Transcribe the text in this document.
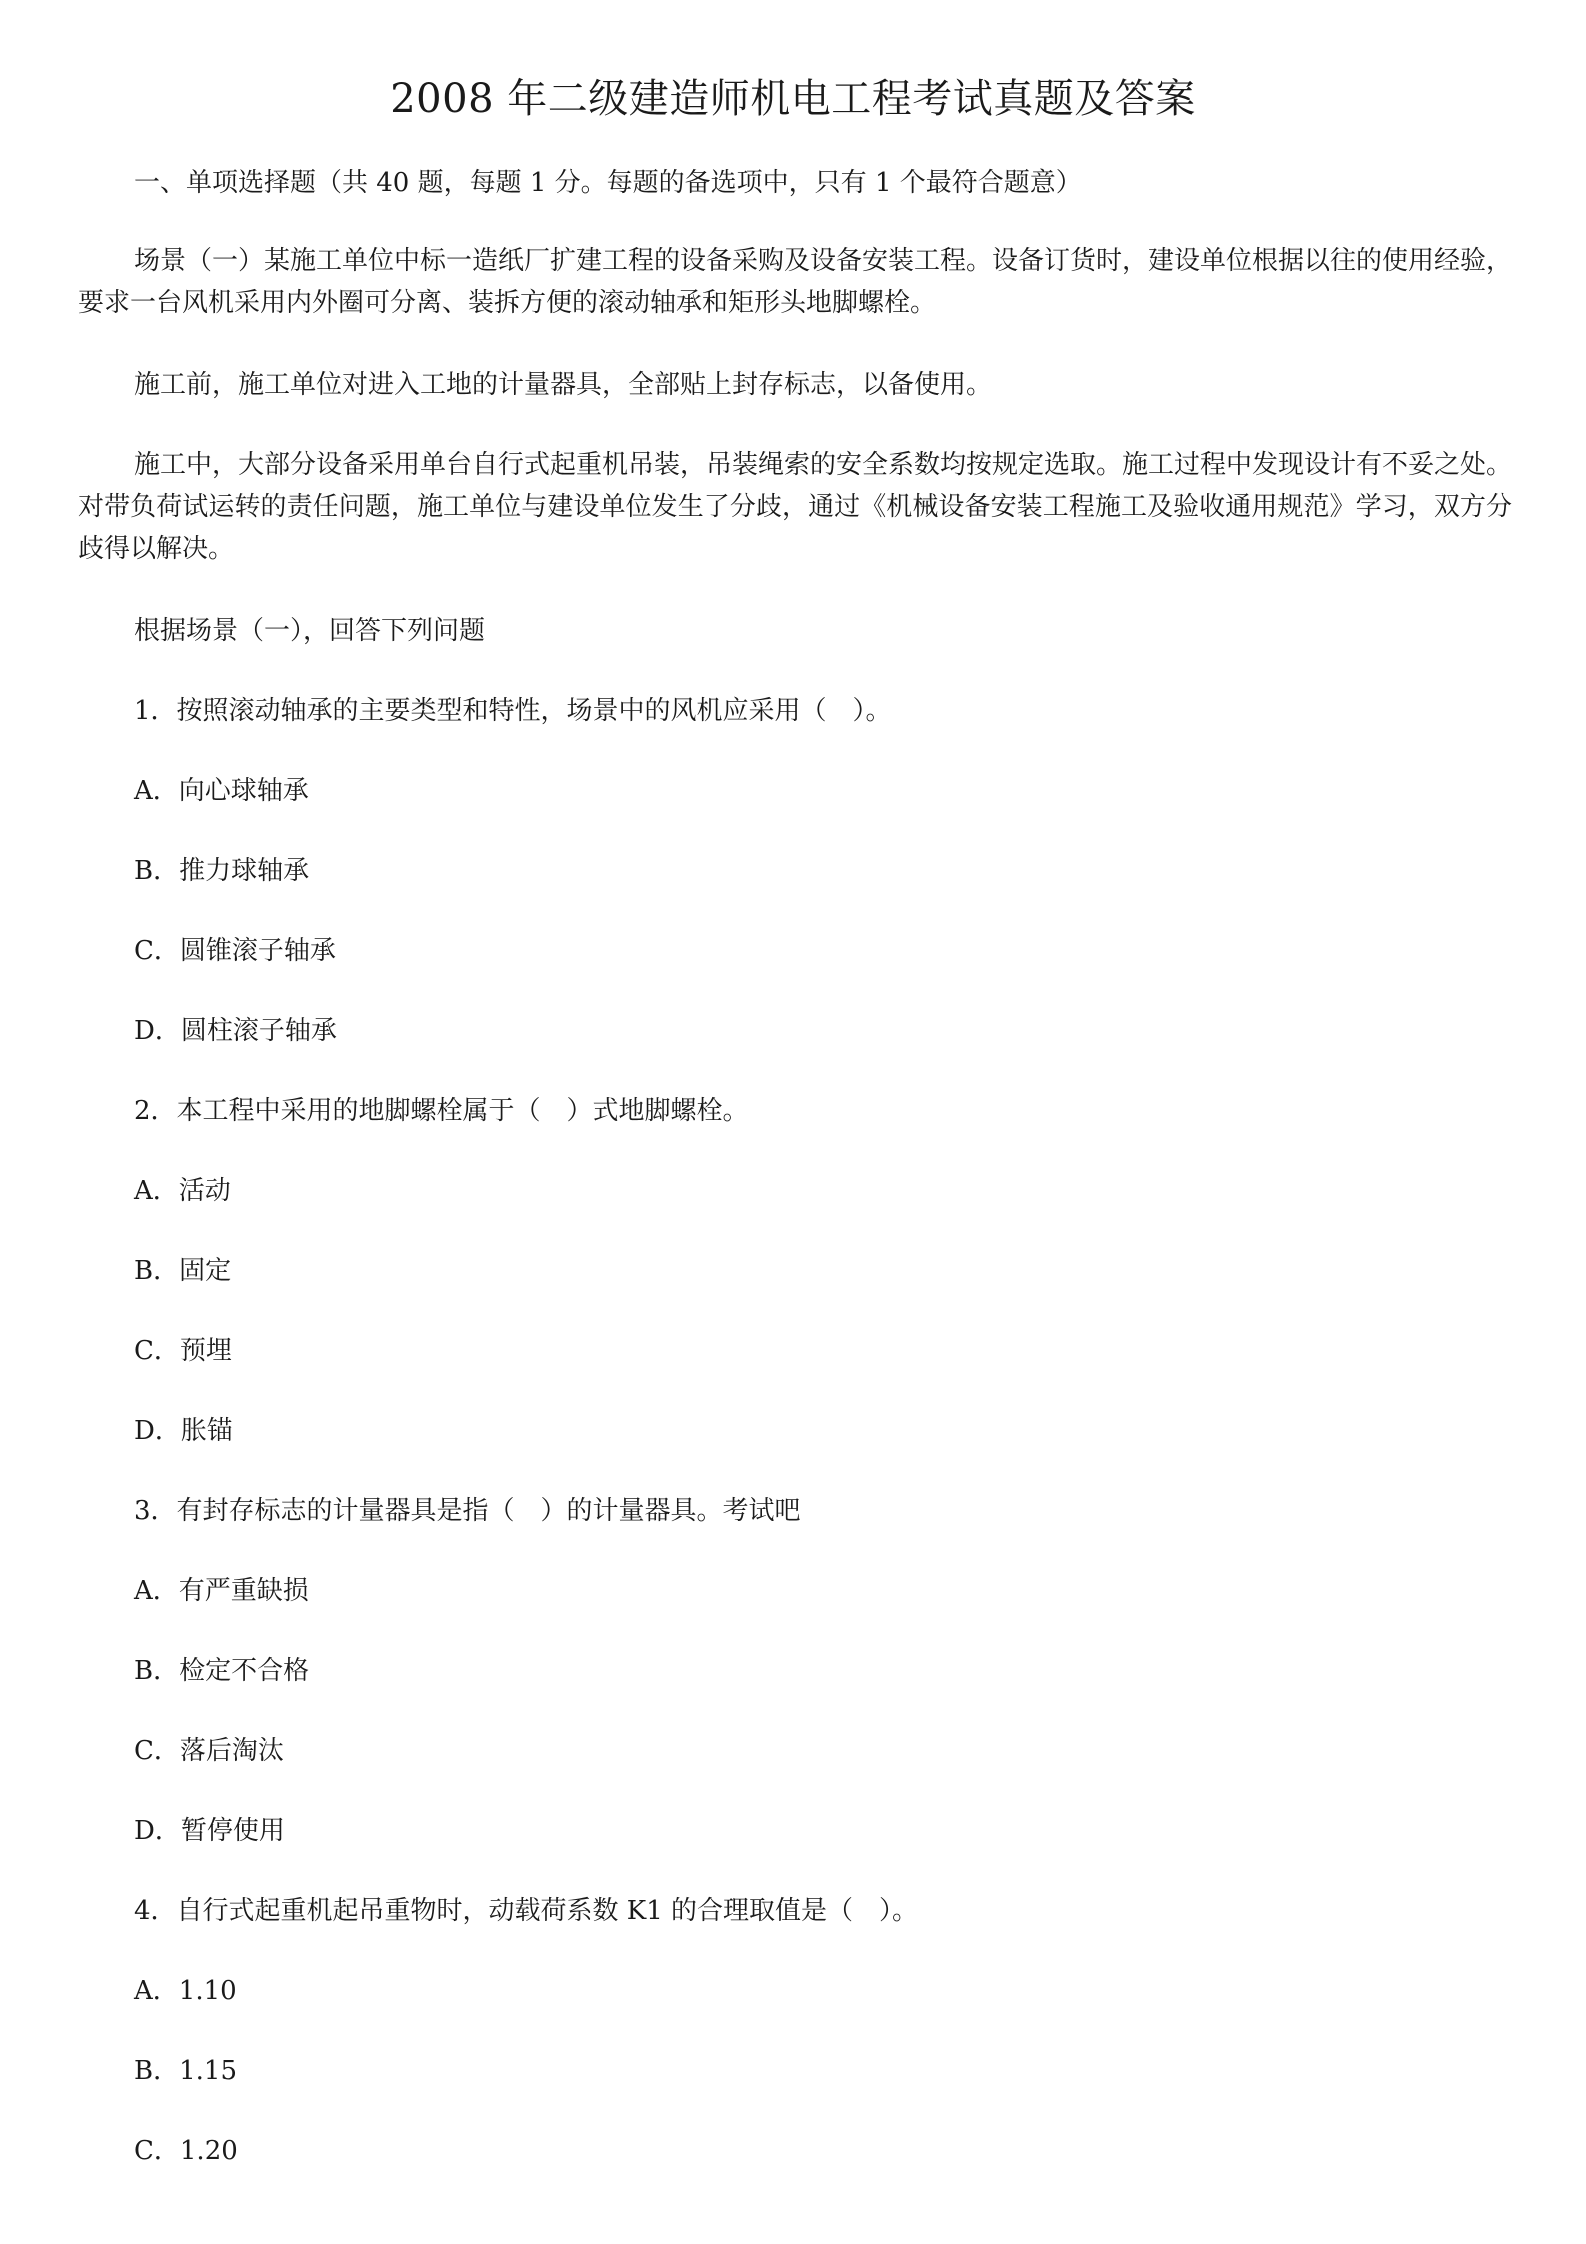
2008 年二级建造师机电工程考试真题及答案

一、单项选择题（共 40 题，每题 1 分。每题的备选项中，只有 1 个最符合题意）

场景（一）某施工单位中标一造纸厂扩建工程的设备采购及设备安装工程。设备订货时，建设单位根据以往的使用经验，要求一台风机采用内外圈可分离、装拆方便的滚动轴承和矩形头地脚螺栓。

施工前，施工单位对进入工地的计量器具，全部贴上封存标志，以备使用。

施工中，大部分设备采用单台自行式起重机吊装，吊装绳索的安全系数均按规定选取。施工过程中发现设计有不妥之处。对带负荷试运转的责任问题，施工单位与建设单位发生了分歧，通过《机械设备安装工程施工及验收通用规范》学习，双方分歧得以解决。

根据场景（一），回答下列问题

1．按照滚动轴承的主要类型和特性，场景中的风机应采用（　）。

A．向心球轴承

B．推力球轴承

C．圆锥滚子轴承

D．圆柱滚子轴承

2．本工程中采用的地脚螺栓属于（　）式地脚螺栓。

A．活动

B．固定

C．预埋

D．胀锚

3．有封存标志的计量器具是指（　）的计量器具。考试吧

A．有严重缺损

B．检定不合格

C．落后淘汰

D．暂停使用

4．自行式起重机起吊重物时，动载荷系数 K1 的合理取值是（　）。

A．1.10

B．1.15

C．1.20
